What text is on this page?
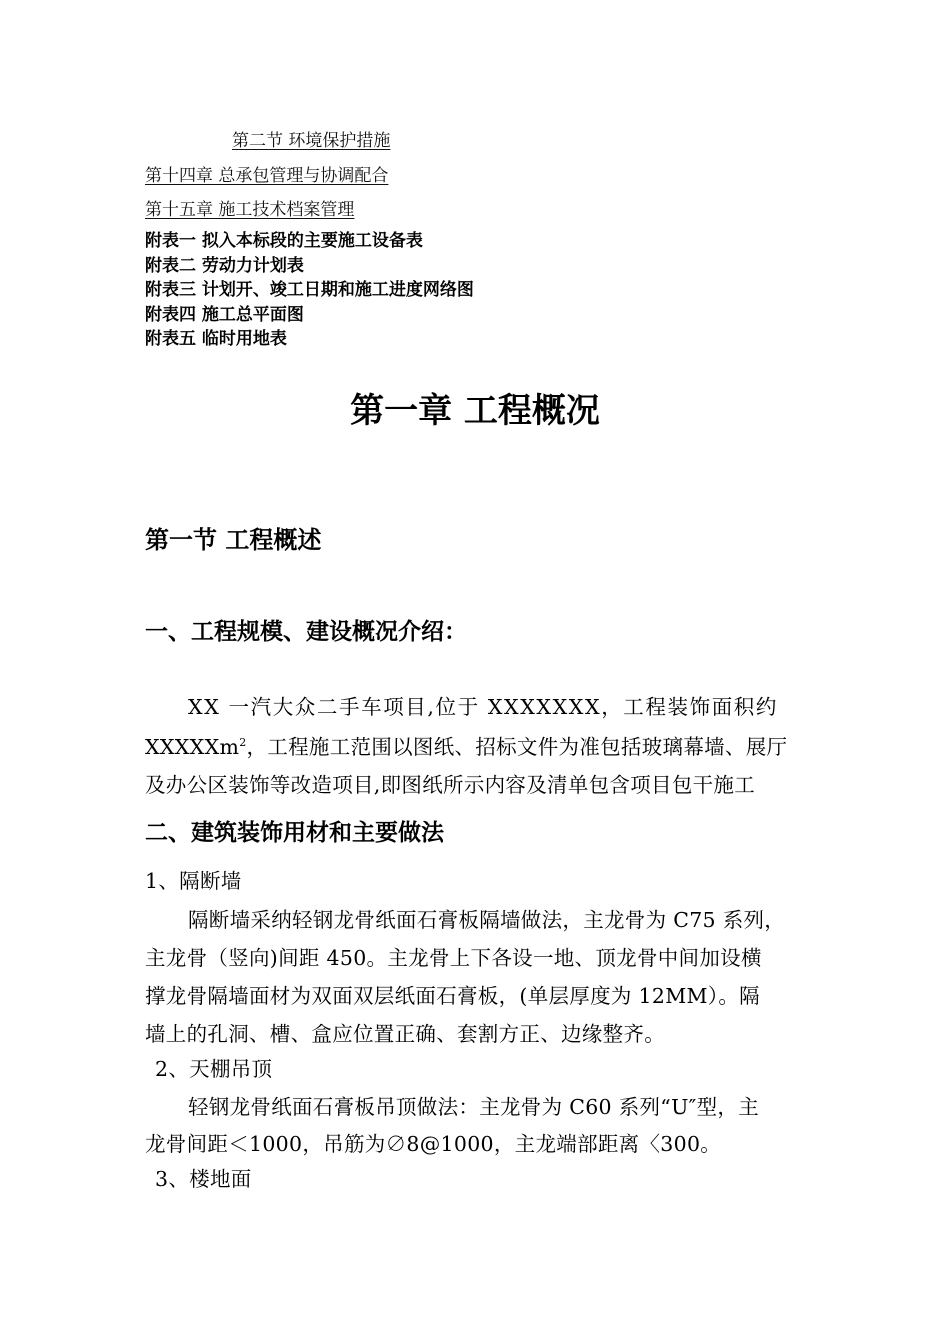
第二节 环境保护措施
第十四章 总承包管理与协调配合
第十五章 施工技术档案管理
附表一 拟入本标段的主要施工设备表
附表二 劳动力计划表
附表三 计划开、竣工日期和施工进度网络图
附表四 施工总平面图
附表五 临时用地表
第一章 工程概况
第一节 工程概述
一、工程规模、建设概况介绍：
XX 一汽大众二手车项目,位于 XXXXXXX，工程装饰面积约
XXXXXm$^2$，工程施工范围以图纸、招标文件为准包括玻璃幕墙、展厅
及办公区装饰等改造项目,即图纸所示内容及清单包含项目包干施工
二、建筑装饰用材和主要做法
1、隔断墙
隔断墙采纳轻钢龙骨纸面石膏板隔墙做法，主龙骨为 C75 系列，
主龙骨（竖向)间距 450。主龙骨上下各设一地、顶龙骨中间加设横
撑龙骨隔墙面材为双面双层纸面石膏板，(单层厚度为 12MM）。隔
墙上的孔洞、槽、盒应位置正确、套割方正、边缘整齐。
2、天棚吊顶
轻钢龙骨纸面石膏板吊顶做法：主龙骨为 C60 系列“U″型，主
龙骨间距＜1000，吊筋为∅8@1000，主龙端部距离〈300。
3、楼地面
